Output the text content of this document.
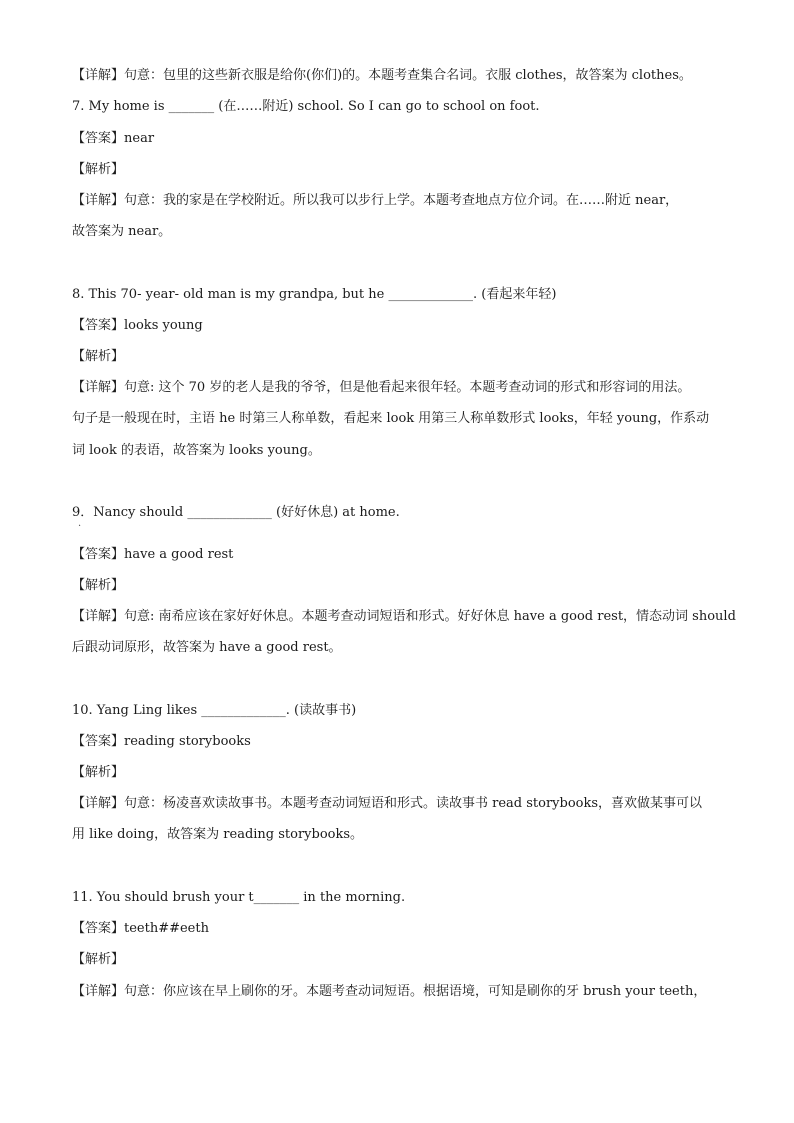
【详解】句意：包里的这些新衣服是给你(你们)的。本题考查集合名词。衣服 clothes，故答案为 clothes。
7. My home is _______ (在……附近) school. So I can go to school on foot.
【答案】near
【解析】
【详解】句意：我的家是在学校附近。所以我可以步行上学。本题考查地点方位介词。在……附近 near，
故答案为 near。
8. This 70- year- old man is my grandpa, but he _____________. (看起来年轻)
【答案】looks young
【解析】
【详解】句意: 这个 70 岁的老人是我的爷爷，但是他看起来很年轻。本题考查动词的形式和形容词的用法。
句子是一般现在时，主语 he 时第三人称单数，看起来 look 用第三人称单数形式 looks，年轻 young，作系动
词 look 的表语，故答案为 looks young。
9．Nancy should _____________ (好好休息) at home.
·
【答案】have a good rest
【解析】
【详解】句意: 南希应该在家好好休息。本题考查动词短语和形式。好好休息 have a good rest，情态动词 should
后跟动词原形，故答案为 have a good rest。
10. Yang Ling likes _____________. (读故事书)
【答案】reading storybooks
【解析】
【详解】句意：杨凌喜欢读故事书。本题考查动词短语和形式。读故事书 read storybooks，喜欢做某事可以
用 like doing，故答案为 reading storybooks。
11. You should brush your t_______ in the morning.
【答案】teeth##eeth
【解析】
【详解】句意：你应该在早上刷你的牙。本题考查动词短语。根据语境，可知是刷你的牙 brush your teeth，
